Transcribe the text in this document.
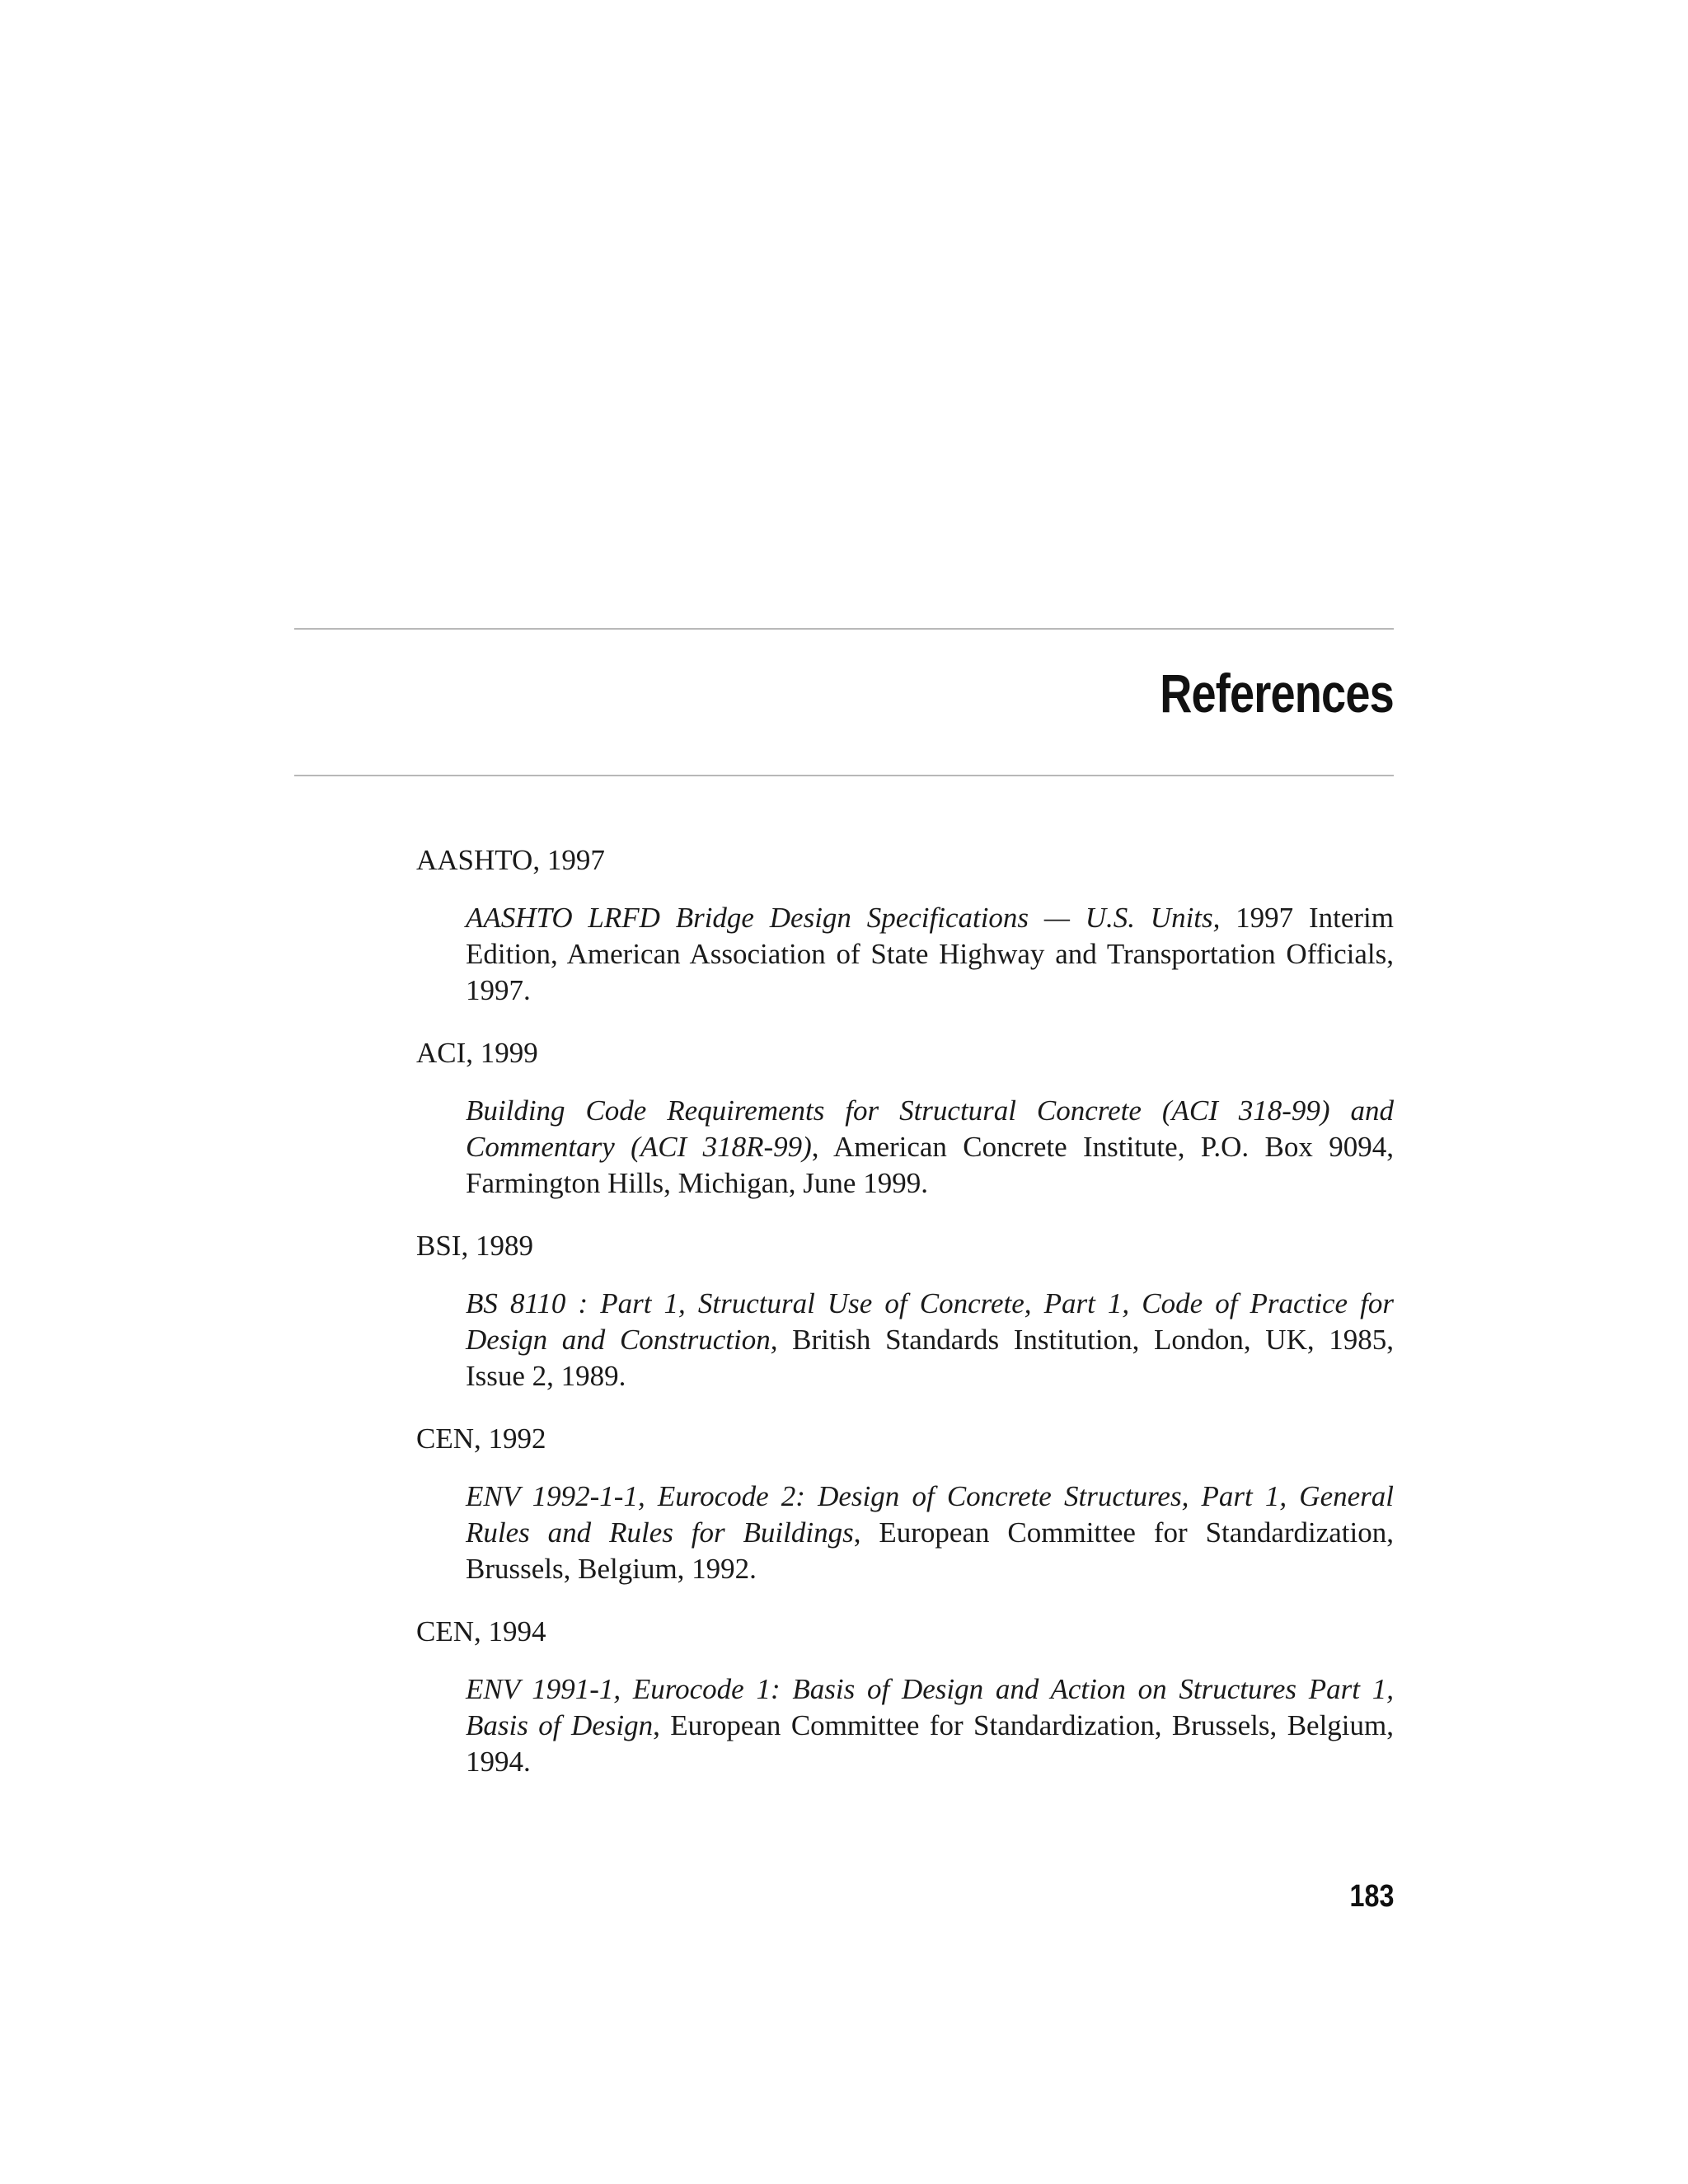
References

AASHTO, 1997

AASHTO LRFD Bridge Design Specifications — U.S. Units, 1997 Interim Edition, American Association of State Highway and Transportation Officials, 1997.

ACI, 1999

Building Code Requirements for Structural Concrete (ACI 318-99) and Commentary (ACI 318R-99), American Concrete Institute, P.O. Box 9094, Farmington Hills, Michigan, June 1999.

BSI, 1989

BS 8110 : Part 1, Structural Use of Concrete, Part 1, Code of Practice for Design and Construction, British Standards Institution, London, UK, 1985, Issue 2, 1989.

CEN, 1992

ENV 1992-1-1, Eurocode 2: Design of Concrete Structures, Part 1, General Rules and Rules for Buildings, European Committee for Standardization, Brussels, Belgium, 1992.

CEN, 1994

ENV 1991-1, Eurocode 1: Basis of Design and Action on Structures Part 1, Basis of Design, European Committee for Standardization, Brussels, Belgium, 1994.

183
